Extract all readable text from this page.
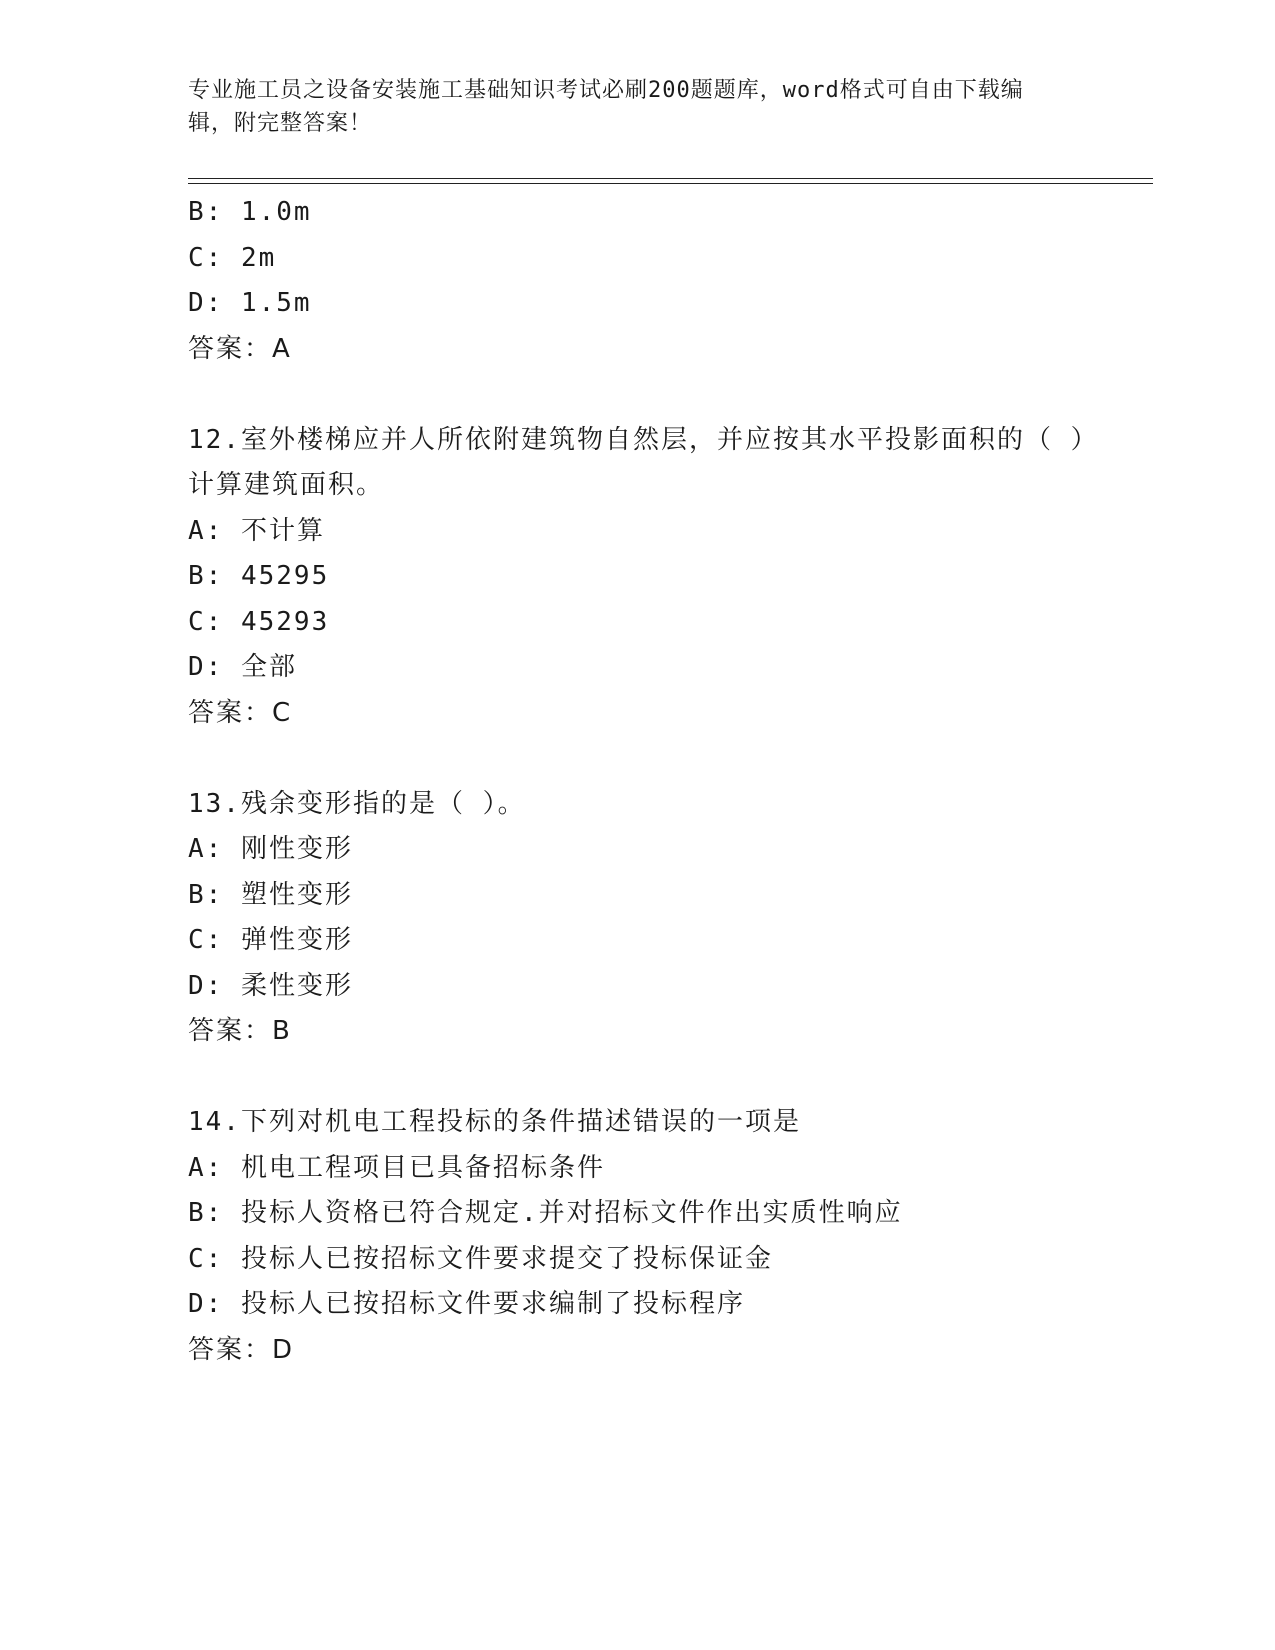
专业施工员之设备安装施工基础知识考试必刷200题题库，word格式可自由下载编辑，附完整答案！
B: 1.0m
C: 2m
D: 1.5m
答案：A
12.室外楼梯应并人所依附建筑物自然层，并应按其水平投影面积的（ ）计算建筑面积。
A: 不计算
B: 45295
C: 45293
D: 全部
答案：C
13.残余变形指的是（ ）。
A: 刚性变形
B: 塑性变形
C: 弹性变形
D: 柔性变形
答案：B
14.下列对机电工程投标的条件描述错误的一项是
A: 机电工程项目已具备招标条件
B: 投标人资格已符合规定.并对招标文件作出实质性响应
C: 投标人已按招标文件要求提交了投标保证金
D: 投标人已按招标文件要求编制了投标程序
答案：D
